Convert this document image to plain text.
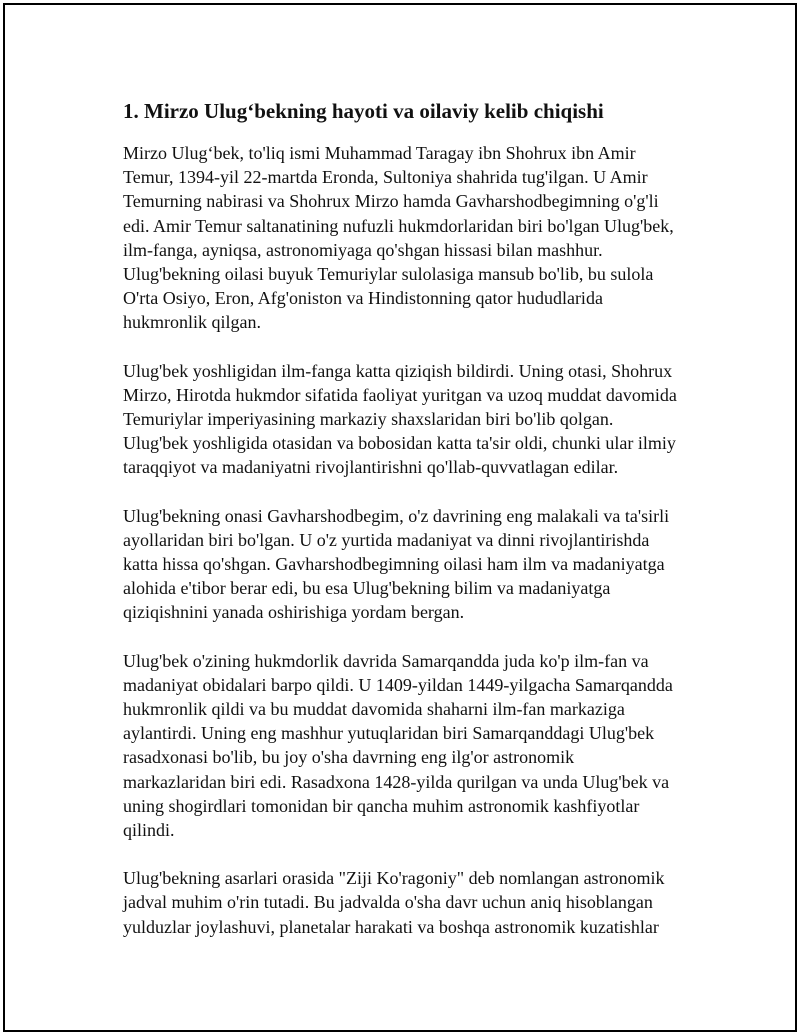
1. Mirzo Ulug‘bekning hayoti va oilaviy kelib chiqishi

Mirzo Ulug‘bek, to'liq ismi Muhammad Taragay ibn Shohrux ibn Amir
Temur, 1394-yil 22-martda Eronda, Sultoniya shahrida tug'ilgan. U Amir
Temurning nabirasi va Shohrux Mirzo hamda Gavharshodbegimning o'g'li
edi. Amir Temur saltanatining nufuzli hukmdorlaridan biri bo'lgan Ulug'bek,
ilm-fanga, ayniqsa, astronomiyaga qo'shgan hissasi bilan mashhur.
Ulug'bekning oilasi buyuk Temuriylar sulolasiga mansub bo'lib, bu sulola
O'rta Osiyo, Eron, Afg'oniston va Hindistonning qator hududlarida
hukmronlik qilgan.

Ulug'bek yoshligidan ilm-fanga katta qiziqish bildirdi. Uning otasi, Shohrux
Mirzo, Hirotda hukmdor sifatida faoliyat yuritgan va uzoq muddat davomida
Temuriylar imperiyasining markaziy shaxslaridan biri bo'lib qolgan.
Ulug'bek yoshligida otasidan va bobosidan katta ta'sir oldi, chunki ular ilmiy
taraqqiyot va madaniyatni rivojlantirishni qo'llab-quvvatlagan edilar.

Ulug'bekning onasi Gavharshodbegim, o'z davrining eng malakali va ta'sirli
ayollaridan biri bo'lgan. U o'z yurtida madaniyat va dinni rivojlantirishda
katta hissa qo'shgan. Gavharshodbegimning oilasi ham ilm va madaniyatga
alohida e'tibor berar edi, bu esa Ulug'bekning bilim va madaniyatga
qiziqishnini yanada oshirishiga yordam bergan.

Ulug'bek o'zining hukmdorlik davrida Samarqandda juda ko'p ilm-fan va
madaniyat obidalari barpo qildi. U 1409-yildan 1449-yilgacha Samarqandda
hukmronlik qildi va bu muddat davomida shaharni ilm-fan markaziga
aylantirdi. Uning eng mashhur yutuqlaridan biri Samarqanddagi Ulug'bek
rasadxonasi bo'lib, bu joy o'sha davrning eng ilg'or astronomik
markazlaridan biri edi. Rasadxona 1428-yilda qurilgan va unda Ulug'bek va
uning shogirdlari tomonidan bir qancha muhim astronomik kashfiyotlar
qilindi.

Ulug'bekning asarlari orasida "Ziji Ko'ragoniy" deb nomlangan astronomik
jadval muhim o'rin tutadi. Bu jadvalda o'sha davr uchun aniq hisoblangan
yulduzlar joylashuvi, planetalar harakati va boshqa astronomik kuzatishlar
